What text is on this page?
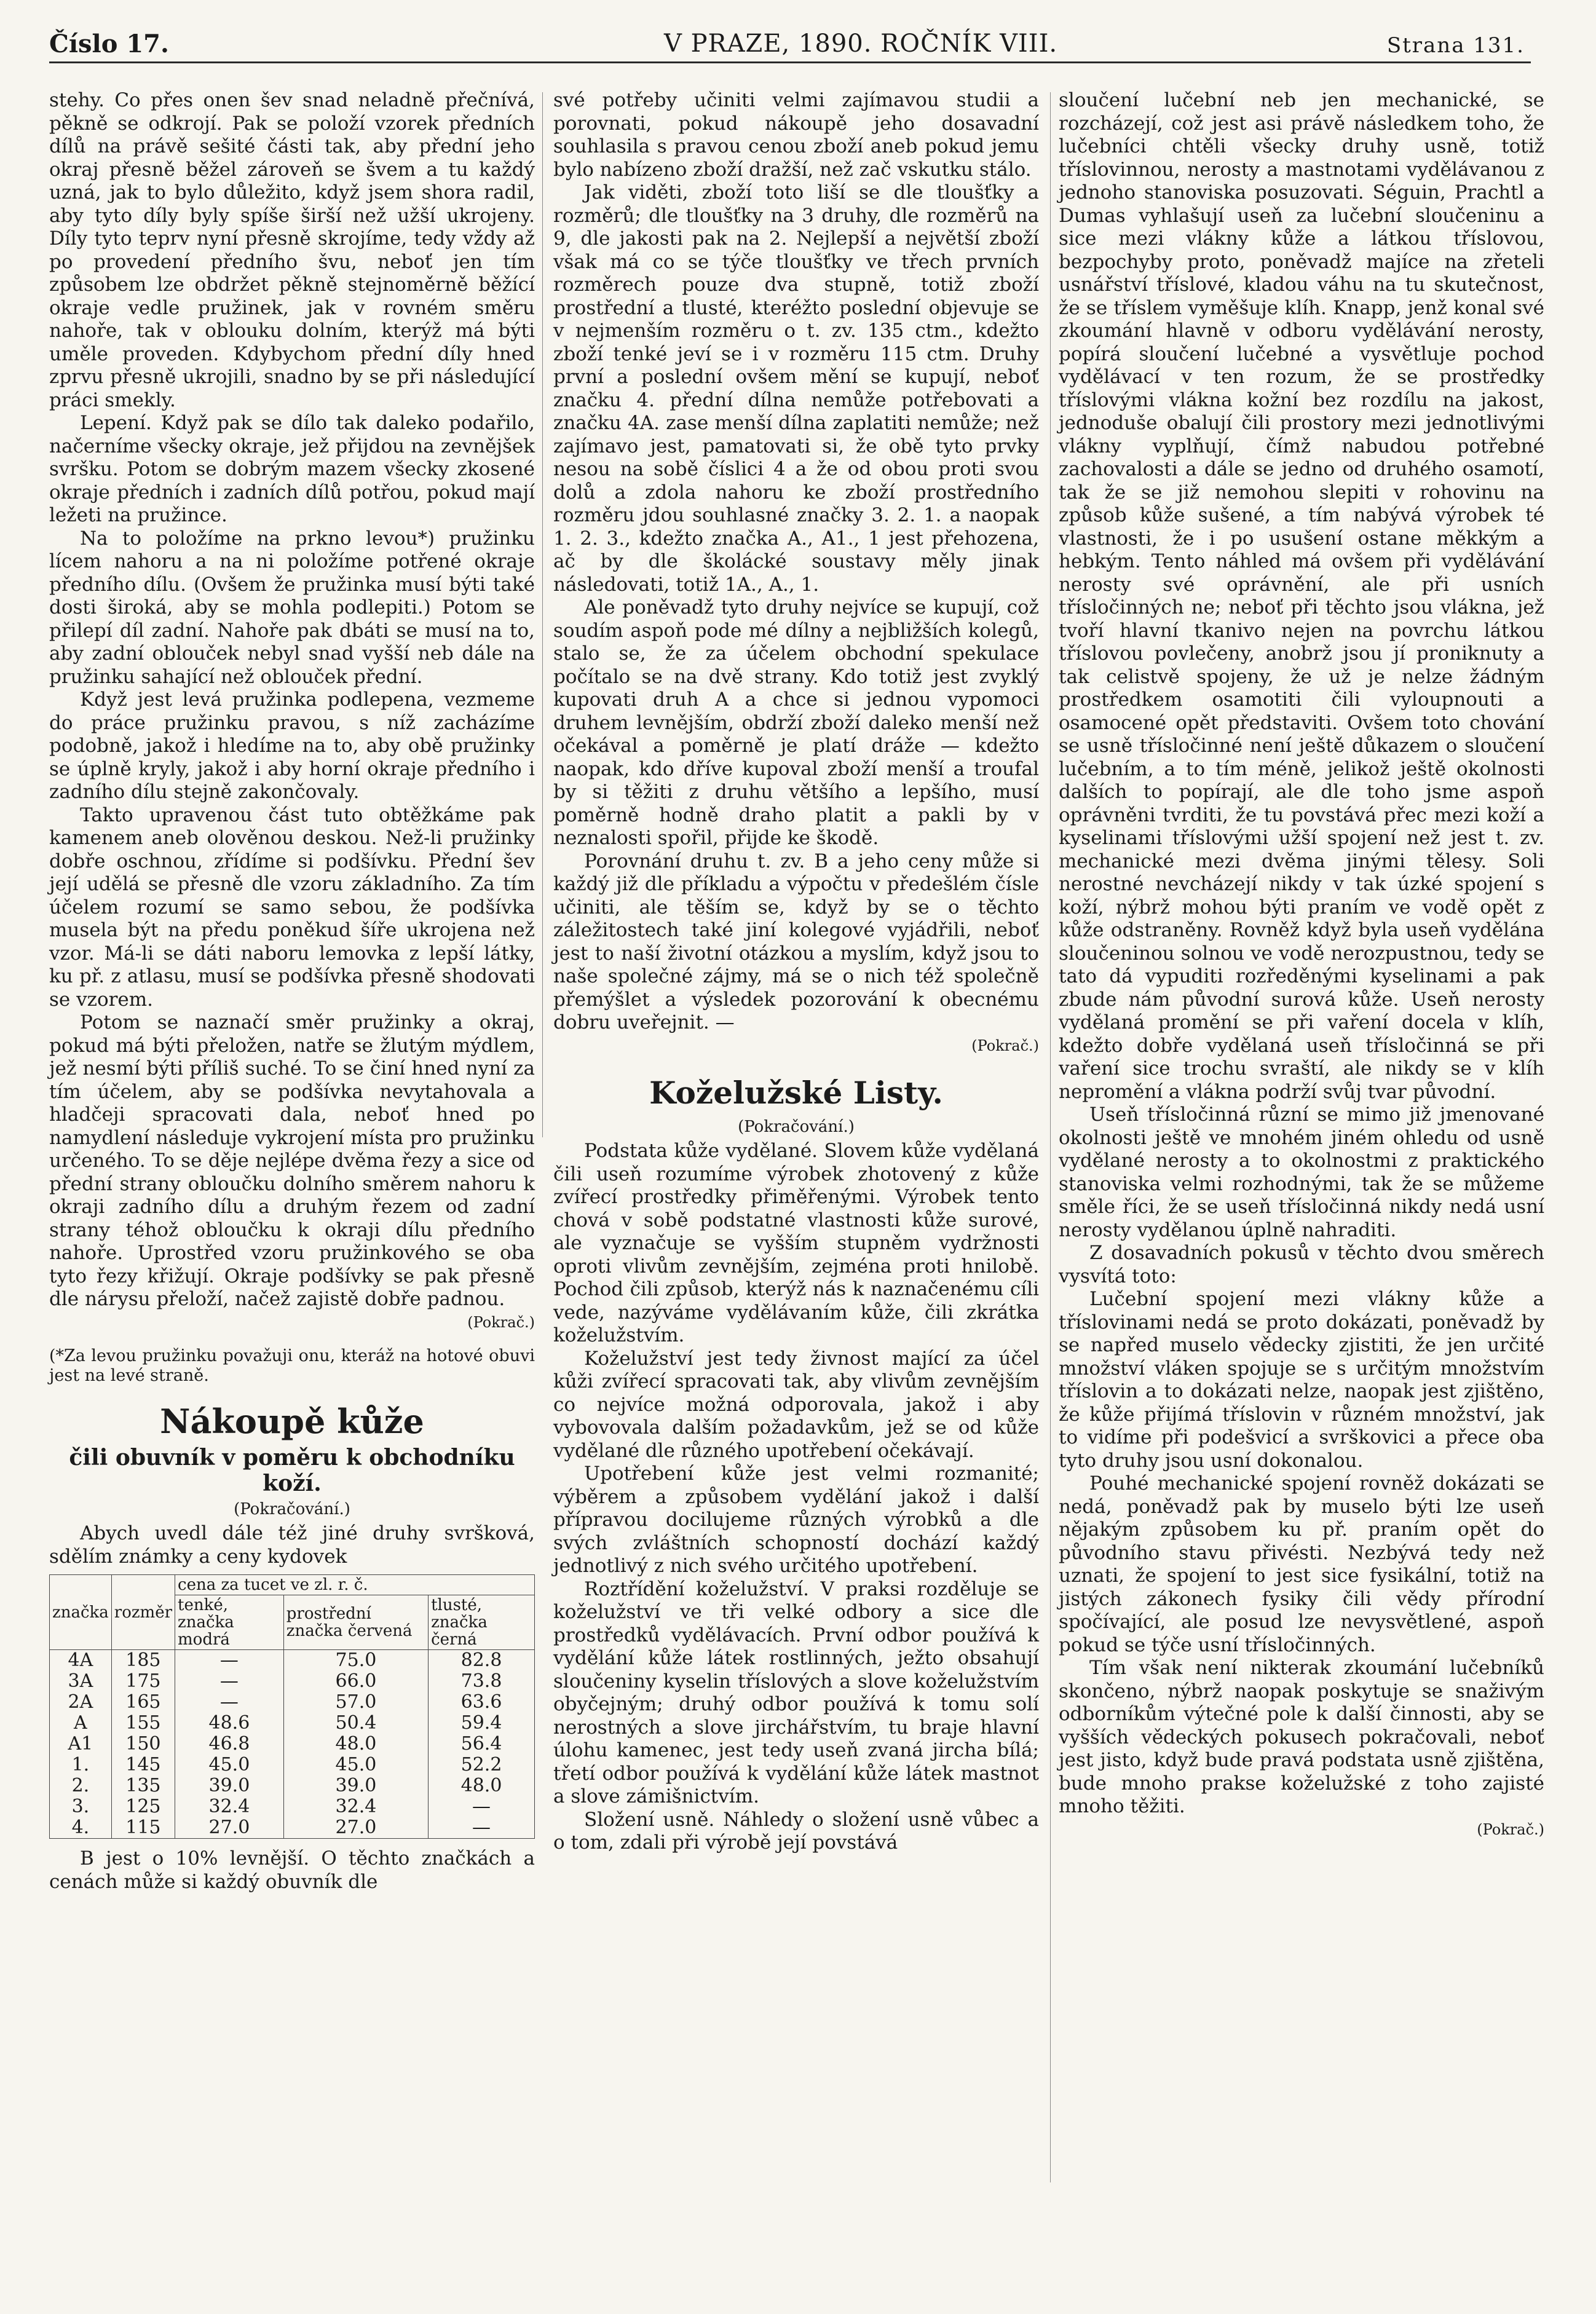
Číslo 17.	V PRAZE, 1890. ROČNÍK VIII.	Strana 131.

stehy. Co přes onen šev snad neladně přečnívá, pěkně se odkrojí. Pak se položí vzorek předních dílů na právě sešité části tak, aby přední jeho okraj přesně běžel zároveň se švem a tu každý uzná, jak to bylo důležito, když jsem shora radil, aby tyto díly byly spíše širší než užší ukrojeny. Díly tyto teprv nyní přesně skrojíme, tedy vždy až po provedení předního švu, neboť jen tím způsobem lze obdržet pěkně stejnoměrně běžící okraje vedle pružinek, jak v rovném směru nahoře, tak v oblouku dolním, kterýž má býti uměle proveden. Kdybychom přední díly hned zprvu přesně ukrojili, snadno by se při následující práci smekly.

Lepení. Když pak se dílo tak daleko podařilo, načerníme všecky okraje, jež přijdou na zevnějšek svršku. Potom se dobrým mazem všecky zkosené okraje předních i zadních dílů potřou, pokud mají ležeti na pružince.

Na to položíme na prkno levou*) pružinku lícem nahoru a na ni položíme potřené okraje předního dílu. (Ovšem že pružinka musí býti také dosti široká, aby se mohla podlepiti.) Potom se přilepí díl zadní. Nahoře pak dbáti se musí na to, aby zadní oblouček nebyl snad vyšší neb dále na pružinku sahající než oblouček přední.

Když jest levá pružinka podlepena, vezmeme do práce pružinku pravou, s níž zacházíme podobně, jakož i hledíme na to, aby obě pružinky se úplně kryly, jakož i aby horní okraje předního i zadního dílu stejně zakončovaly.

Takto upravenou část tuto obtěžkáme pak kamenem aneb olověnou deskou. Než-li pružinky dobře oschnou, zřídíme si podšívku. Přední šev její udělá se přesně dle vzoru základního. Za tím účelem rozumí se samo sebou, že podšívka musela být na předu poněkud šíře ukrojena než vzor. Má-li se dáti naboru lemovka z lepší látky, ku př. z atlasu, musí se podšívka přesně shodovati se vzorem.

Potom se naznačí směr pružinky a okraj, pokud má býti přeložen, natře se žlutým mýdlem, jež nesmí býti příliš suché. To se činí hned nyní za tím účelem, aby se podšívka nevytahovala a hladčeji spracovati dala, neboť hned po namydlení následuje vykrojení místa pro pružinku určeného. To se děje nejlépe dvěma řezy a sice od přední strany obloučku dolního směrem nahoru k okraji zadního dílu a druhým řezem od zadní strany téhož obloučku k okraji dílu předního nahoře. Uprostřed vzoru pružinkového se oba tyto řezy křižují. Okraje podšívky se pak přesně dle nárysu přeloží, načež zajistě dobře padnou.

(Pokrač.)
(*Za levou pružinku považuji onu, kteráž na hotové obuvi jest na levé straně.
Nákoupě kůže
čili obuvník v poměru k obchodníku koží.
(Pokračování.)

Abych uvedl dále též jiné druhy svršková, sdělím známky a ceny kydovek

značka	rozměr	cena za tucet ve zl. r. č.		
		tenké, značka modrá	prostřední značka červená	tlusté, značka černá
4A	185	—	75.0	82.8
3A	175	—	66.0	73.8
2A	165	—	57.0	63.6
A	155	48.6	50.4	59.4
A1	150	46.8	48.0	56.4
1.	145	45.0	45.0	52.2
2.	135	39.0	39.0	48.0
3.	125	32.4	32.4	—
4.	115	27.0	27.0	—

B jest o 10% levnější. O těchto značkách a cenách může si každý obuvník dle

své potřeby učiniti velmi zajímavou studii a porovnati, pokud nákoupě jeho dosavadní souhlasila s pravou cenou zboží aneb pokud jemu bylo nabízeno zboží dražší, než zač vskutku stálo.

Jak viděti, zboží toto liší se dle tloušťky a rozměrů; dle tloušťky na 3 druhy, dle rozměrů na 9, dle jakosti pak na 2. Nejlepší a největší zboží však má co se týče tloušťky ve třech prvních rozměrech pouze dva stupně, totiž zboží prostřední a tlusté, kteréžto poslední objevuje se v nejmenším rozměru o t. zv. 135 ctm., kdežto zboží tenké jeví se i v rozměru 115 ctm. Druhy první a poslední ovšem mění se kupují, neboť značku 4. přední dílna nemůže potřebovati a značku 4A. zase menší dílna zaplatiti nemůže; než zajímavo jest, pamatovati si, že obě tyto prvky nesou na sobě číslici 4 a že od obou proti svou dolů a zdola nahoru ke zboží prostředního rozměru jdou souhlasné značky 3. 2. 1. a naopak 1. 2. 3., kdežto značka A., A1., 1 jest přehozena, ač by dle školácké soustavy měly jinak následovati, totiž 1A., A., 1.

Ale poněvadž tyto druhy nejvíce se kupují, což soudím aspoň pode mé dílny a nejbližších kolegů, stalo se, že za účelem obchodní spekulace počítalo se na dvě strany. Kdo totiž jest zvyklý kupovati druh A a chce si jednou vypomoci druhem levnějším, obdrží zboží daleko menší než očekával a poměrně je platí dráže — kdežto naopak, kdo dříve kupoval zboží menší a troufal by si těžiti z druhu většího a lepšího, musí poměrně hodně draho platit a pakli by v neznalosti spořil, přijde ke škodě.

Porovnání druhu t. zv. B a jeho ceny může si každý již dle příkladu a výpočtu v předešlém čísle učiniti, ale těším se, když by se o těchto záležitostech také jiní kolegové vyjádřili, neboť jest to naší životní otázkou a myslím, když jsou to naše společné zájmy, má se o nich též společně přemýšlet a výsledek pozorování k obecnému dobru uveřejnit. —

(Pokrač.)
Koželužské Listy.
(Pokračování.)

Podstata kůže vydělané. Slovem kůže vydělaná čili useň rozumíme výrobek zhotovený z kůže zvířecí prostředky přiměřenými. Výrobek tento chová v sobě podstatné vlastnosti kůže surové, ale vyznačuje se vyšším stupněm vydržnosti oproti vlivům zevnějším, zejména proti hnilobě. Pochod čili způsob, kterýž nás k naznačenému cíli vede, nazýváme vydělávaním kůže, čili zkrátka koželužstvím.

Koželužství jest tedy živnost mající za účel kůži zvířecí spracovati tak, aby vlivům zevnějším co nejvíce možná odporovala, jakož i aby vybovovala dalším požadavkům, jež se od kůže vydělané dle různého upotřebení očekávají.

Upotřebení kůže jest velmi rozmanité; výběrem a způsobem vydělání jakož i další přípravou docilujeme různých výrobků a dle svých zvláštních schopností dochází každý jednotlivý z nich svého určitého upotřebení.

Roztřídění koželužství. V praksi rozděluje se koželužství ve tři velké odbory a sice dle prostředků vydělávacích. První odbor používá k vydělání kůže látek rostlinných, ježto obsahují sloučeniny kyselin tříslových a slove koželužstvím obyčejným; druhý odbor používá k tomu solí nerostných a slove jirchářstvím, tu braje hlavní úlohu kamenec, jest tedy useň zvaná jircha bílá; třetí odbor používá k vydělání kůže látek mastnot a slove zámišnictvím.

Složení usně. Náhledy o složení usně vůbec a o tom, zdali při výrobě její povstává

sloučení lučební neb jen mechanické, se rozcházejí, což jest asi právě následkem toho, že lučebníci chtěli všecky druhy usně, totiž tříslovinnou, nerosty a mastnotami vydělávanou z jednoho stanoviska posuzovati. Séguin, Prachtl a Dumas vyhlašují useň za lučební sloučeninu a sice mezi vlákny kůže a látkou tříslovou, bezpochyby proto, poněvadž majíce na zřeteli usnářství tříslové, kladou váhu na tu skutečnost, že se tříslem vyměšuje klíh. Knapp, jenž konal své zkoumání hlavně v odboru vydělávání nerosty, popírá sloučení lučebné a vysvětluje pochod vydělávací v ten rozum, že se prostředky tříslovými vlákna kožní bez rozdílu na jakost, jednoduše obalují čili prostory mezi jednotlivými vlákny vyplňují, čímž nabudou potřebné zachovalosti a dále se jedno od druhého osamotí, tak že se již nemohou slepiti v rohovinu na způsob kůže sušené, a tím nabývá výrobek té vlastnosti, že i po usušení ostane měkkým a hebkým. Tento náhled má ovšem při vydělávání nerosty své oprávnění, ale při usních třísločinných ne; neboť při těchto jsou vlákna, jež tvoří hlavní tkanivo nejen na povrchu látkou tříslovou povlečeny, anobrž jsou jí proniknuty a tak celistvě spojeny, že už je nelze žádným prostředkem osamotiti čili vyloupnouti a osamocené opět představiti. Ovšem toto chování se usně třísločinné není ještě důkazem o sloučení lučebním, a to tím méně, jelikož ještě okolnosti dalších to popírají, ale dle toho jsme aspoň oprávněni tvrditi, že tu povstává přec mezi koží a kyselinami tříslovými užší spojení než jest t. zv. mechanické mezi dvěma jinými tělesy. Soli nerostné nevcházejí nikdy v tak úzké spojení s koží, nýbrž mohou býti praním ve vodě opět z kůže odstraněny. Rovněž když byla useň vydělána sloučeninou solnou ve vodě nerozpustnou, tedy se tato dá vypuditi rozředěnými kyselinami a pak zbude nám původní surová kůže. Useň nerosty vydělaná promění se při vaření docela v klíh, kdežto dobře vydělaná useň třísločinná se při vaření sice trochu svraští, ale nikdy se v klíh nepromění a vlákna podrží svůj tvar původní.

Useň třísločinná různí se mimo již jmenované okolnosti ještě ve mnohém jiném ohledu od usně vydělané nerosty a to okolnostmi z praktického stanoviska velmi rozhodnými, tak že se můžeme směle říci, že se useň třísločinná nikdy nedá usní nerosty vydělanou úplně nahraditi.

Z dosavadních pokusů v těchto dvou směrech vysvítá toto:

Lučební spojení mezi vlákny kůže a tříslovinami nedá se proto dokázati, poněvadž by se napřed muselo vědecky zjistiti, že jen určité množství vláken spojuje se s určitým množstvím tříslovin a to dokázati nelze, naopak jest zjištěno, že kůže přijímá tříslovin v různém množství, jak to vidíme při podešvicí a svrškovici a přece oba tyto druhy jsou usní dokonalou.

Pouhé mechanické spojení rovněž dokázati se nedá, poněvadž pak by muselo býti lze useň nějakým způsobem ku př. praním opět do původního stavu přivésti. Nezbývá tedy než uznati, že spojení to jest sice fysikální, totiž na jistých zákonech fysiky čili vědy přírodní spočívající, ale posud lze nevysvětlené, aspoň pokud se týče usní třísločinných.

Tím však není nikterak zkoumání lučebníků skončeno, nýbrž naopak poskytuje se snaživým odborníkům výtečné pole k další činnosti, aby se vyšších vědeckých pokusech pokračovali, neboť jest jisto, když bude pravá podstata usně zjištěna, bude mnoho prakse koželužské z toho zajisté mnoho těžiti.

(Pokrač.)
